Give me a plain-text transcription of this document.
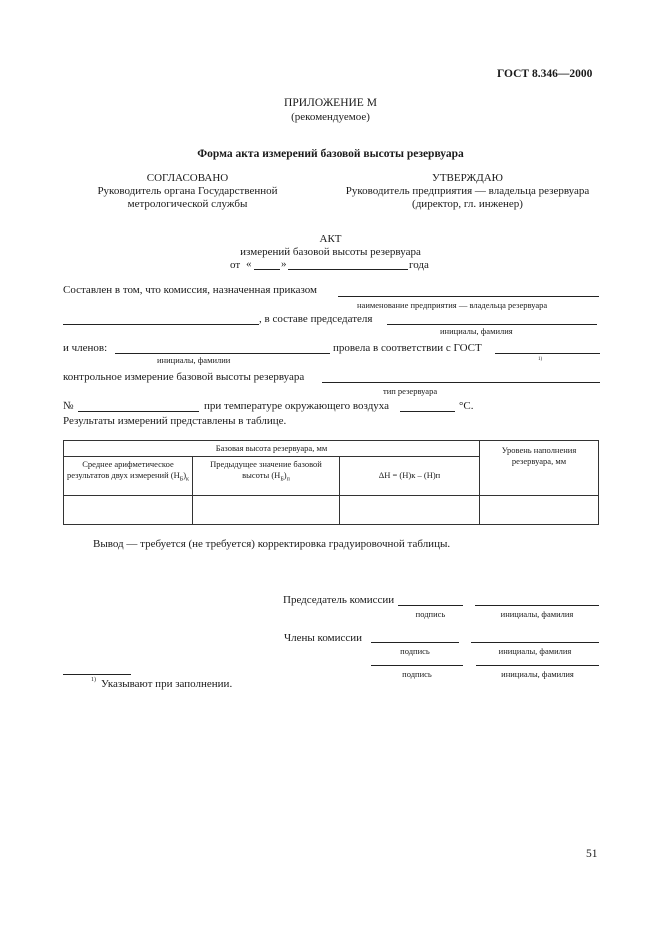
ГОСТ 8.346—2000
ПРИЛОЖЕНИЕ М
(рекомендуемое)
Форма акта измерений базовой высоты резервуара
СОГЛАСОВАНО
Руководитель органа Государственной
метрологической службы
УТВЕРЖДАЮ
Руководитель предприятия — владельца резервуара
(директор, гл. инженер)
АКТ
измерений базовой высоты резервуара
от «	»	года
Составлен в том, что комиссия, назначенная приказом
наименование предприятия — владельца резервуара
, в составе председателя
инициалы, фамилия
и членов:	провела в соответствии с ГОСТ
инициалы, фамилии	1)
контрольное измерение базовой высоты резервуара
тип резервуара
№	при температуре окружающего воздуха	°С.
Результаты измерений представлены в таблице.
Базовая высота резервуара, мм			Уровень наполнения резервуара, мм
Среднее арифметическое результатов двух измерений $(H_Б)_к$	Предыдущее значение базовой высоты $(H_Б)_п$	ΔH = (H)к – (H)п	

Вывод — требуется (не требуется) корректировка градуировочной таблицы.
Председатель комиссии
подпись	инициалы, фамилия
Члены комиссии
подпись	инициалы, фамилия
подпись	инициалы, фамилия
1) Указывают при заполнении.
51
